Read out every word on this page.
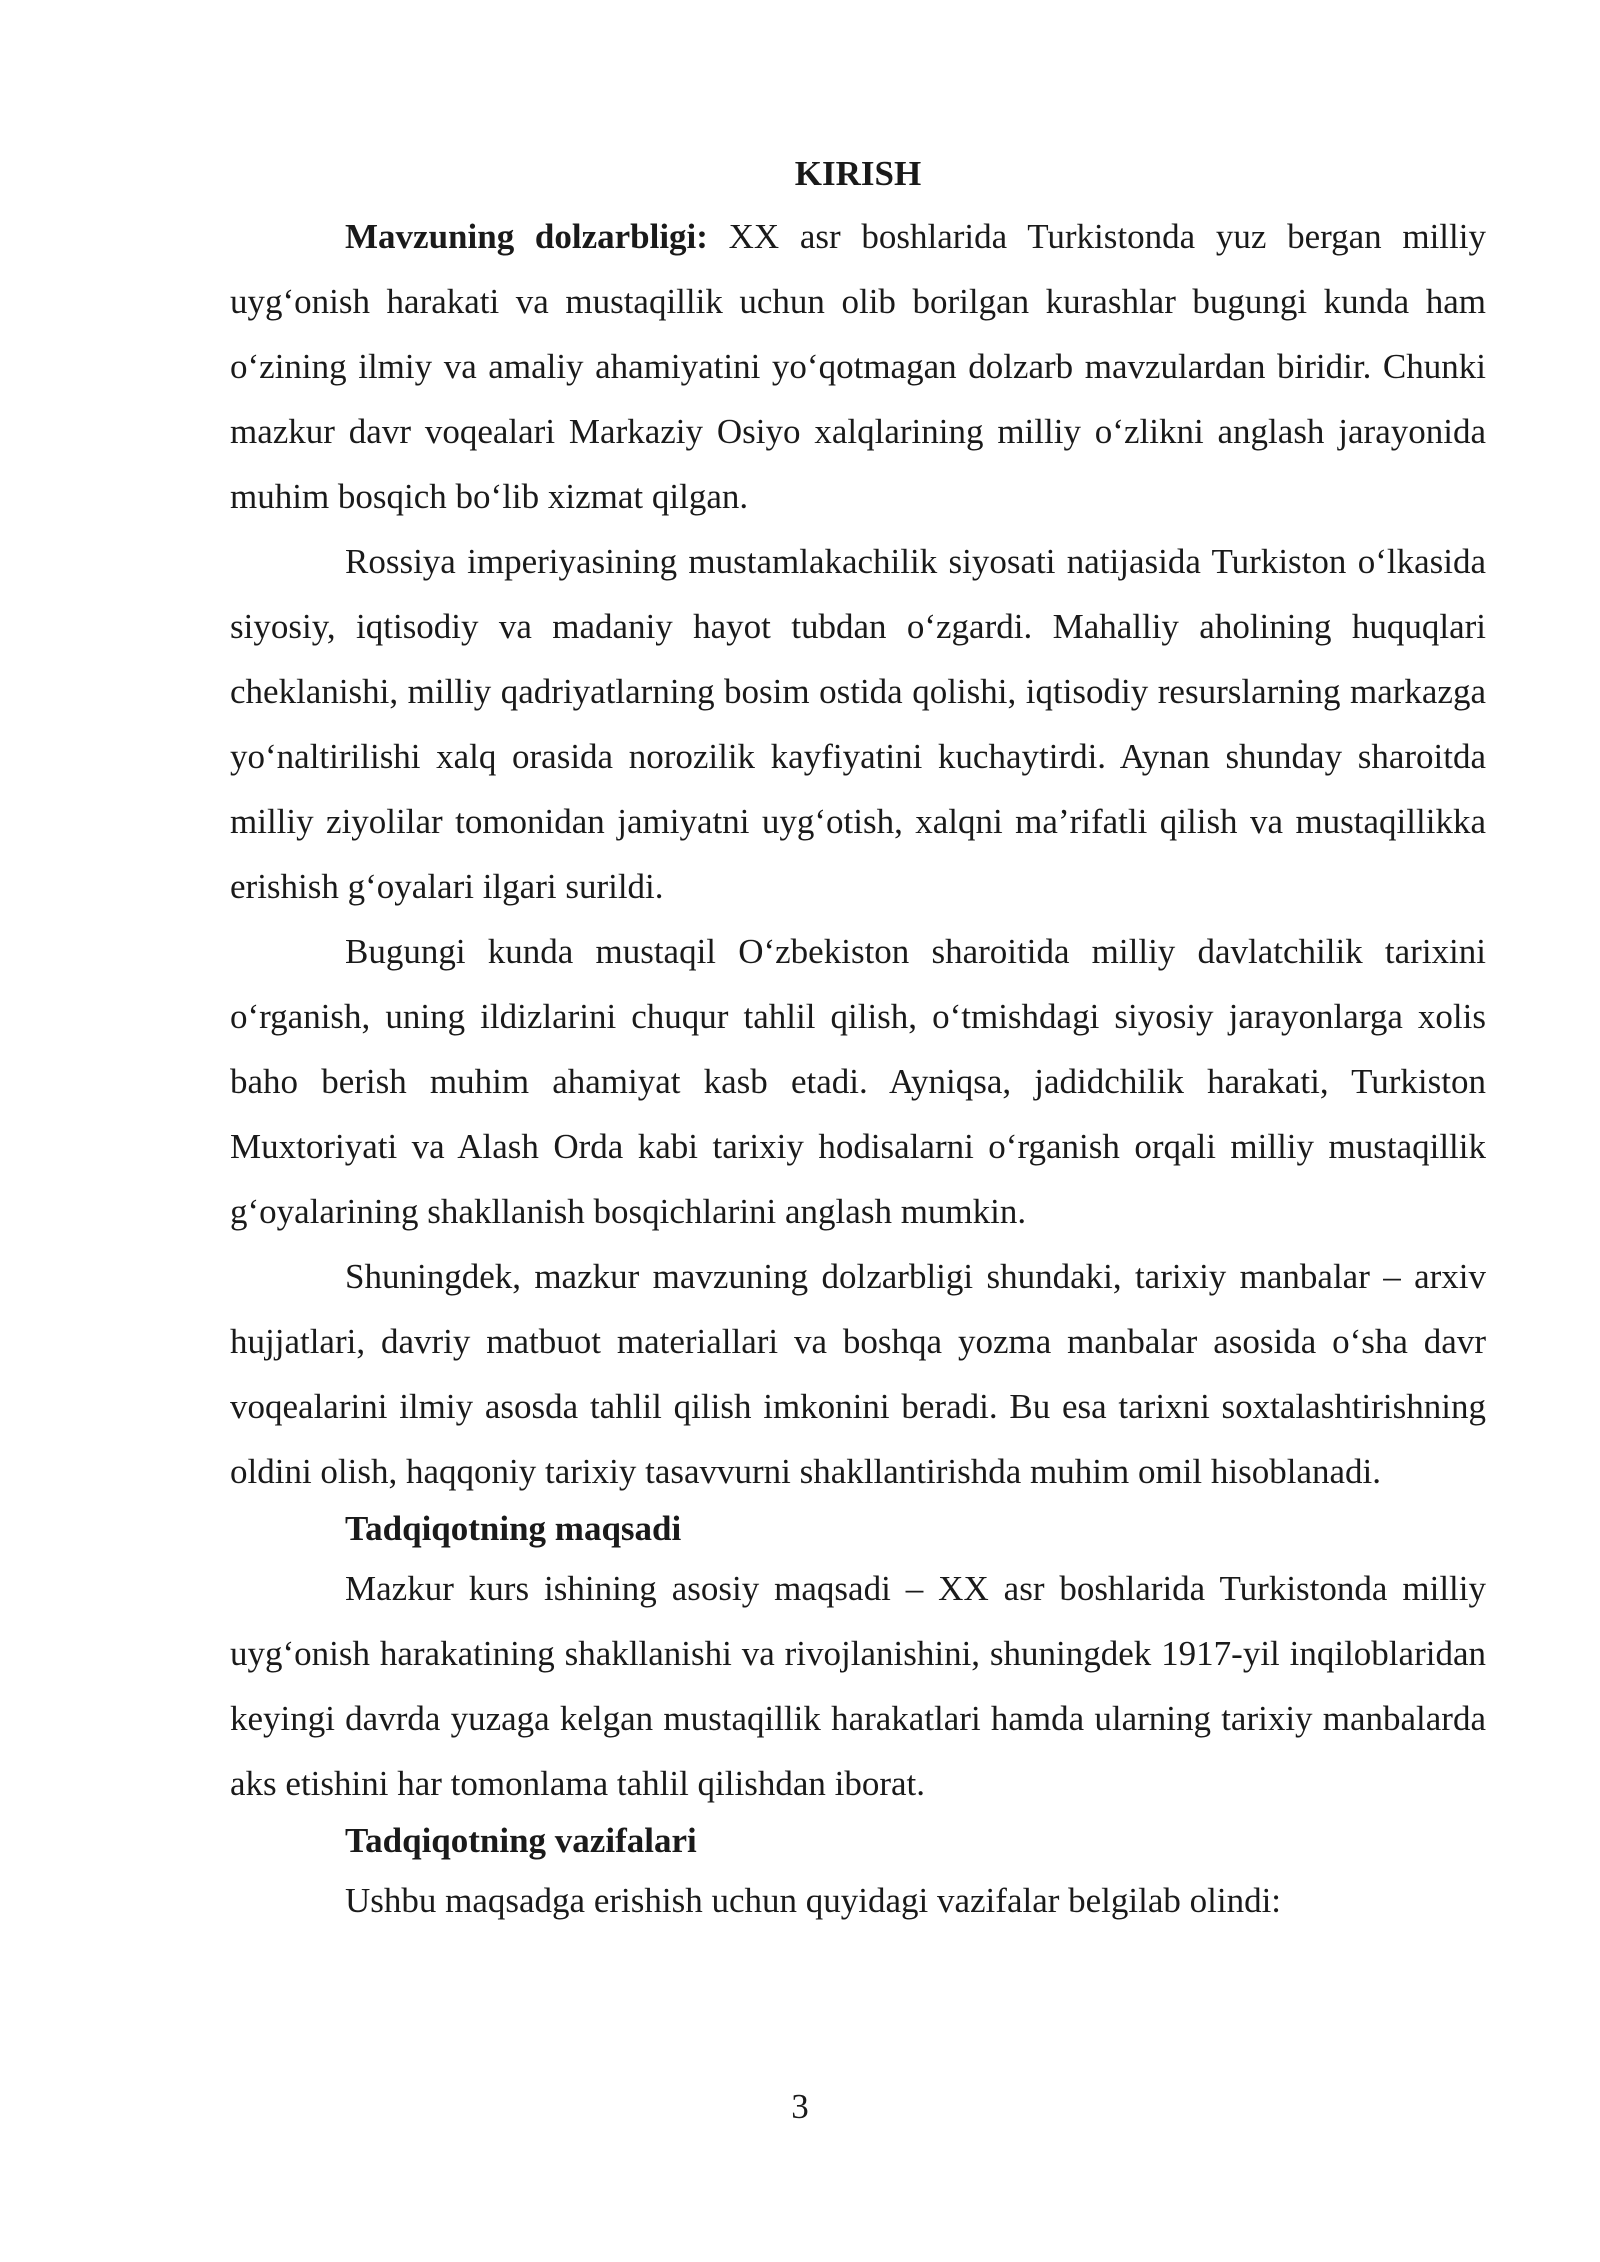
KIRISH

Mavzuning dolzarbligi: XX asr boshlarida Turkistonda yuz bergan milliy uyg‘onish harakati va mustaqillik uchun olib borilgan kurashlar bugungi kunda ham o‘zining ilmiy va amaliy ahamiyatini yo‘qotmagan dolzarb mavzulardan biridir. Chunki mazkur davr voqealari Markaziy Osiyo xalqlarining milliy o‘zlikni anglash jarayonida muhim bosqich bo‘lib xizmat qilgan.

Rossiya imperiyasining mustamlakachilik siyosati natijasida Turkiston o‘lkasida siyosiy, iqtisodiy va madaniy hayot tubdan o‘zgardi. Mahalliy aholining huquqlari cheklanishi, milliy qadriyatlarning bosim ostida qolishi, iqtisodiy resurslarning markazga yo‘naltirilishi xalq orasida norozilik kayfiyatini kuchaytirdi. Aynan shunday sharoitda milliy ziyolilar tomonidan jamiyatni uyg‘otish, xalqni ma’rifatli qilish va mustaqillikka erishish g‘oyalari ilgari surildi.

Bugungi kunda mustaqil O‘zbekiston sharoitida milliy davlatchilik tarixini o‘rganish, uning ildizlarini chuqur tahlil qilish, o‘tmishdagi siyosiy jarayonlarga xolis baho berish muhim ahamiyat kasb etadi. Ayniqsa, jadidchilik harakati, Turkiston Muxtoriyati va Alash Orda kabi tarixiy hodisalarni o‘rganish orqali milliy mustaqillik g‘oyalarining shakllanish bosqichlarini anglash mumkin.

Shuningdek, mazkur mavzuning dolzarbligi shundaki, tarixiy manbalar – arxiv hujjatlari, davriy matbuot materiallari va boshqa yozma manbalar asosida o‘sha davr voqealarini ilmiy asosda tahlil qilish imkonini beradi. Bu esa tarixni soxtalashtirishning oldini olish, haqqoniy tarixiy tasavvurni shakllantirishda muhim omil hisoblanadi.

Tadqiqotning maqsadi

Mazkur kurs ishining asosiy maqsadi – XX asr boshlarida Turkistonda milliy uyg‘onish harakatining shakllanishi va rivojlanishini, shuningdek 1917-yil inqiloblaridan keyingi davrda yuzaga kelgan mustaqillik harakatlari hamda ularning tarixiy manbalarda aks etishini har tomonlama tahlil qilishdan iborat.

Tadqiqotning vazifalari

Ushbu maqsadga erishish uchun quyidagi vazifalar belgilab olindi:

3
